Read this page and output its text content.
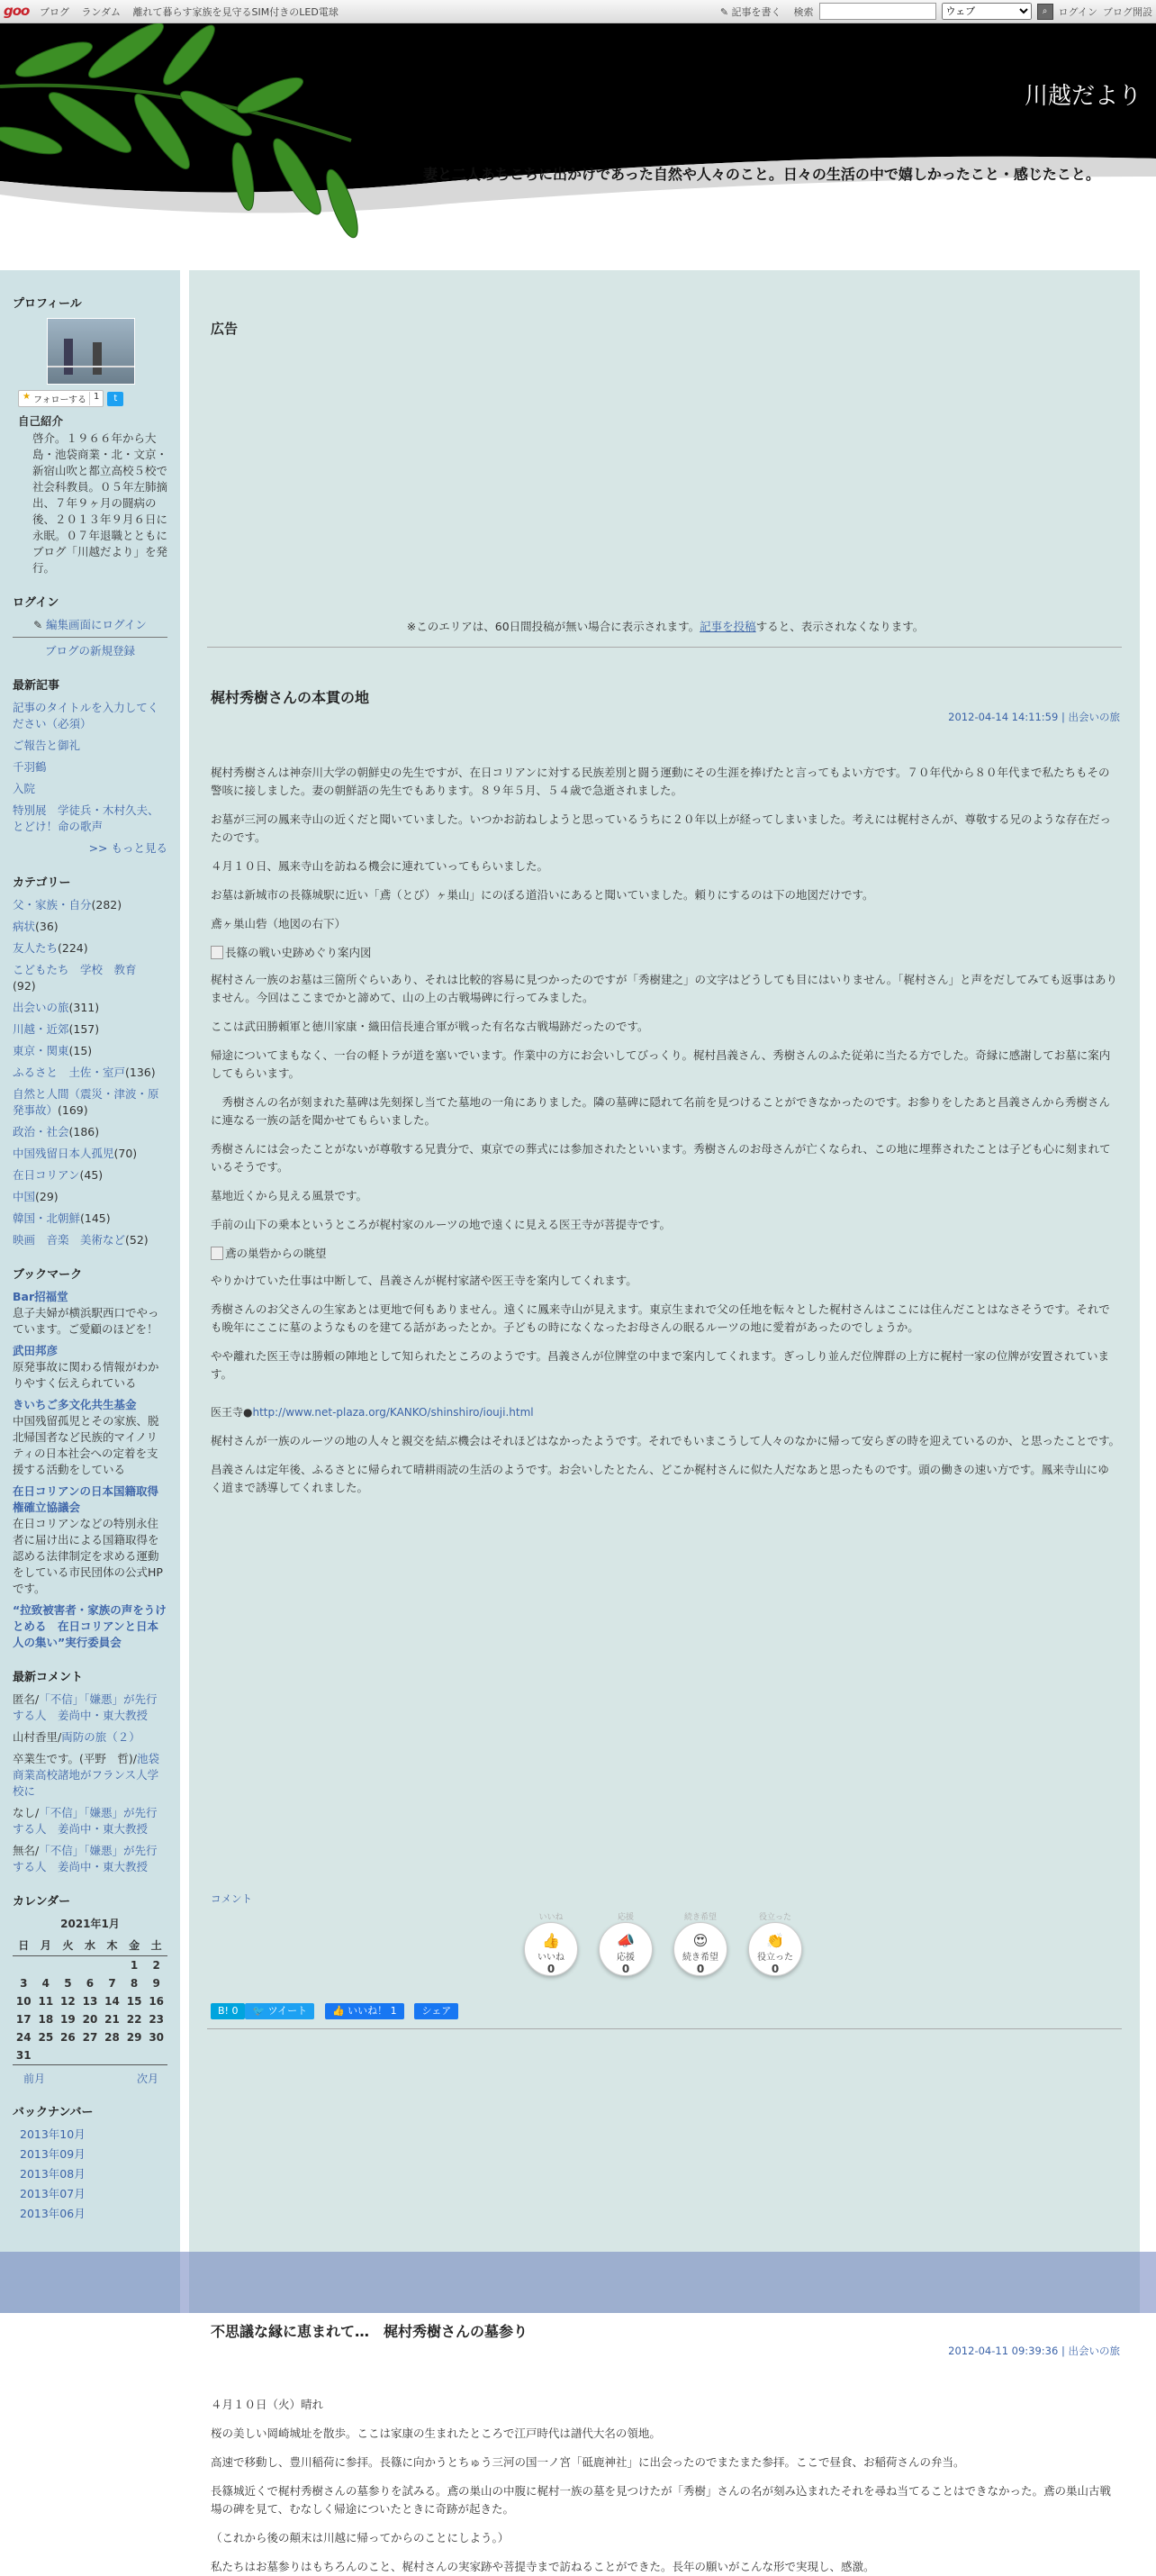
goo ブログ ランダム 離れて暮らす家族を見守るSIM付きのLED電球	✎ 記事を書く 検索
ウェブ	⌕	ログイン ブログ開設
川越だより
妻と二人あちこちに出かけであった自然や人々のこと。日々の生活の中で嬉しかったこと・感じたこと。
プロフィール
★ フォローする 1	t
自己紹介
啓介。１９６６年から大島・池袋商業・北・文京・新宿山吹と都立高校５校で社会科教員。０５年左肺摘出、７年９ヶ月の闘病の後、２０１３年９月６日に永眠。０７年退職とともにブログ「川越だより」を発行。
ログイン
✎ 編集画面にログイン
ブログの新規登録
最新記事
記事のタイトルを入力してください（必須）
ご報告と御礼
千羽鶴
入院
特別展　学徒兵・木村久夫、とどけ！命の歌声
>> もっと見る
カテゴリー
父・家族・自分(282)
病状(36)
友人たち(224)
こどもたち　学校　教育
(92)
出会いの旅(311)
川越・近郊(157)
東京・関東(15)
ふるさと　土佐・室戸(136)
自然と人間（震災・津波・原発事故）(169)
政治・社会(186)
中国残留日本人孤児(70)
在日コリアン(45)
中国(29)
韓国・北朝鮮(145)
映画　音楽　美術など(52)
ブックマーク
Bar招福堂
息子夫婦が横浜駅西口でやっています。ご愛顧のほどを！
武田邦彦
原発事故に関わる情報がわかりやすく伝えられている
きいちご多文化共生基金
中国残留孤児とその家族、脱北帰国者など民族的マイノリティの日本社会への定着を支援する活動をしている
在日コリアンの日本国籍取得権確立協議会
在日コリアンなどの特別永住者に届け出による国籍取得を認める法律制定を求める運動をしている市民団体の公式HPです。
“拉致被害者・家族の声をうけとめる　在日コリアンと日本人の集い”実行委員会
最新コメント
匿名/「不信」「嫌悪」が先行する人　姜尚中・東大教授
山村香里/両防の旅（２）
卒業生です。(平野　哲)/池袋商業高校諸地がフランス人学校に
なし/「不信」「嫌悪」が先行する人　姜尚中・東大教授
無名/「不信」「嫌悪」が先行する人　姜尚中・東大教授
カレンダー
2021年1月
日	月	火	水	木	金	土
					1	2
3	4	5	6	7	8	9
10	11	12	13	14	15	16
17	18	19	20	21	22	23
24	25	26	27	28	29	30
31						
前月	次月
バックナンバー
2013年10月
2013年09月
2013年08月
2013年07月
2013年06月
広告
※このエリアは、60日間投稿が無い場合に表示されます。記事を投稿すると、表示されなくなります。
梶村秀樹さんの本貫の地
2012-04-14 14:11:59 | 出会いの旅

梶村秀樹さんは神奈川大学の朝鮮史の先生ですが、在日コリアンに対する民族差別と闘う運動にその生涯を捧げたと言ってもよい方です。７０年代から８０年代まで私たちもその警咳に接しました。妻の朝鮮語の先生でもあります。８９年５月、５４歳で急逝されました。

お墓が三河の鳳来寺山の近くだと聞いていました。いつかお訪ねしようと思っているうちに２０年以上が経ってしまいました。考えには梶村さんが、尊敬する兄のような存在だったのです。

４月１０日、鳳来寺山を訪ねる機会に連れていってもらいました。

お墓は新城市の長篠城駅に近い「鳶（とび）ヶ巣山」にのぼる道沿いにあると聞いていました。頼りにするのは下の地図だけです。

鳶ヶ巣山砦（地図の右下）

長篠の戦い史跡めぐり案内図

梶村さん一族のお墓は三箇所ぐらいあり、それは比較的容易に見つかったのですが「秀樹建之」の文字はどうしても目にはいりません。「梶村さん」と声をだしてみても返事はありません。今回はここまでかと諦めて、山の上の古戦場碑に行ってみました。

ここは武田勝頼軍と徳川家康・織田信長連合軍が戦った有名な古戦場跡だったのです。

帰途についてまもなく、一台の軽トラが道を塞いでいます。作業中の方にお会いしてびっくり。梶村昌義さん、秀樹さんのふた従弟に当たる方でした。奇縁に感謝してお墓に案内してもらいます。

　秀樹さんの名が刻まれた墓碑は先刻探し当てた墓地の一角にありました。隣の墓碑に隠れて名前を見つけることができなかったのです。お参りをしたあと昌義さんから秀樹さんに連なる一族の話を聞かせてもらいました。

秀樹さんには会ったことがないが尊敬する兄貴分で、東京での葬式には参加されたといいます。秀樹さんのお母さんが亡くなられ、この地に埋葬されたことは子ども心に刻まれているそうです。

墓地近くから見える風景です。

手前の山下の乗本というところが梶村家のルーツの地で遠くに見える医王寺が菩提寺です。

鳶の巣砦からの眺望

やりかけていた仕事は中断して、昌義さんが梶村家諸や医王寺を案内してくれます。

秀樹さんのお父さんの生家あとは更地で何もありません。遠くに鳳来寺山が見えます。東京生まれで父の任地を転々とした梶村さんはここには住んだことはなさそうです。それでも晩年にここに墓のようなものを建てる話があったとか。子どもの時になくなったお母さんの眠るルーツの地に愛着があったのでしょうか。

やや離れた医王寺は勝頼の陣地として知られたところのようです。昌義さんが位牌堂の中まで案内してくれます。ぎっしり並んだ位牌群の上方に梶村一家の位牌が安置されています。

医王寺●http://www.net-plaza.org/KANKO/shinshiro/iouji.html

梶村さんが一族のルーツの地の人々と親交を結ぶ機会はそれほどはなかったようです。それでもいまこうして人々のなかに帰って安らぎの時を迎えているのか、と思ったことです。

昌義さんは定年後、ふるさとに帰られて晴耕雨読の生活のようです。お会いしたとたん、どこか梶村さんに似た人だなあと思ったものです。頭の働きの速い方です。鳳来寺山にゆく道まで誘導してくれました。

コメント
いいね
👍
いいね
0
応援
📣
応援
0
続き希望
😍
続き希望
0
役立った
👏
役立った
0
B! 0 🐦 ツイート	👍 いいね！ 1	シェア
不思議な縁に恵まれて…　梶村秀樹さんの墓参り
2012-04-11 09:39:36 | 出会いの旅

４月１０日（火）晴れ

桜の美しい岡崎城址を散歩。ここは家康の生まれたところで江戸時代は譜代大名の領地。

高速で移動し、豊川稲荷に参拝。長篠に向かうとちゅう三河の国一ノ宮「砥鹿神社」に出会ったのでまたまた参拝。ここで昼食、お稲荷さんの弁当。

長篠城近くで梶村秀樹さんの墓参りを試みる。鳶の巣山の中腹に梶村一族の墓を見つけたが「秀樹」さんの名が刻み込まれたそれを尋ね当てることはできなかった。鳶の巣山古戦場の碑を見て、むなしく帰途についたときに奇跡が起きた。

（これから後の顛末は川越に帰ってからのことにしよう。）

私たちはお墓参りはもちろんのこと、梶村さんの実家跡や菩提寺まで訪ねることができた。長年の願いがこんな形で実現し、感激。
